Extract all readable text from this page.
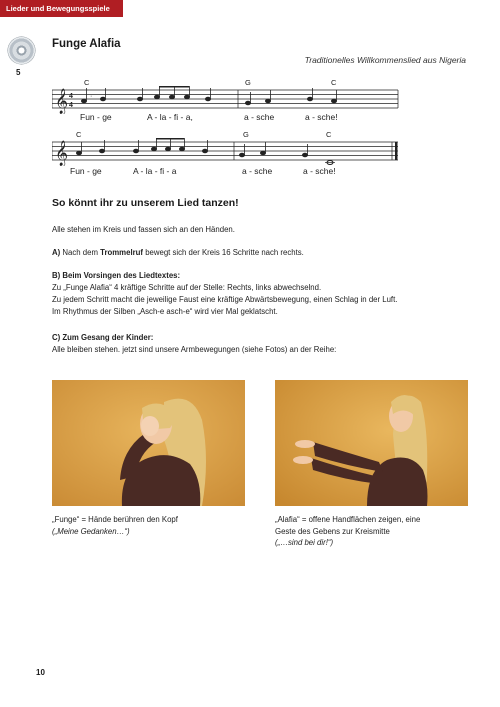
Lieder und Bewegungsspiele
5
Funge Alafia
Traditionelles Willkommenslied aus Nigeria
C	G	C
𝄞 4
4
·
Fun - ge	A - la - fi - a,	a - sche	a - sche!
C	G	C
𝄞
Fun - ge	A - la - fi - a	a - sche	a - sche!
So könnt ihr zu unserem Lied tanzen!
Alle stehen im Kreis und fassen sich an den Händen.
A) Nach dem Trommelruf bewegt sich der Kreis 16 Schritte nach rechts.
B) Beim Vorsingen des Liedtextes:
Zu „Funge Alafia“ 4 kräftige Schritte auf der Stelle: Rechts, links abwechselnd.
Zu jedem Schritt macht die jeweilige Faust eine kräftige Abwärtsbewegung, einen Schlag in der Luft.
Im Rhythmus der Silben „Asch-e asch-e“ wird vier Mal geklatscht.
C) Zum Gesang der Kinder:
Alle bleiben stehen. jetzt sind unsere Armbewegungen (siehe Fotos) an der Reihe:
„Funge“ = Hände berühren den Kopf
(„Meine Gedanken…“)
„Alafia“ = offene Handflächen zeigen, eine
Geste des Gebens zur Kreismitte
(„…sind bei dir!“)
10
